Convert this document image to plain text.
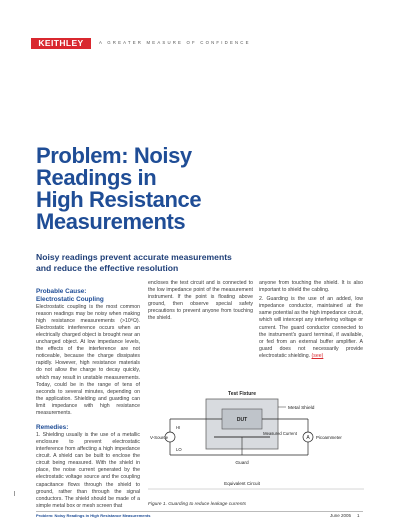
KEITHLEY	A GREATER MEASURE OF CONFIDENCE
Problem: Noisy
Readings in
High Resistance
Measurements
Noisy readings prevent accurate measurements
and reduce the effective resolution
Probable Cause:
Electrostatic Coupling

Electrostatic coupling is the most common reason readings may be noisy when making high resistance measurements (>10⁶Ω). Electrostatic interference occurs when an electrically charged object is brought near an uncharged object. At low impedance levels, the effects of the interference are not noticeable, because the charge dissipates rapidly. However, high resistance materials do not allow the charge to decay quickly, which may result in unstable measurements. Today, could be in the range of tens of seconds to several minutes, depending on the application. Shielding and guarding can limit impedance with high resistance measurements.

Remedies:

1. Shielding usually is the use of a metallic enclosure to prevent electrostatic interference from affecting a high impedance circuit. A shield can be built to enclose the circuit being measured. With the shield in place, the noise current generated by the electrostatic voltage source and the coupling capacitance flows through the shield to ground, rather than through the signal conductors. The shield should be made of a simple metal box or mesh screen that

encloses the test circuit and is connected to the low impedance point of the measurement instrument. If the point is floating above ground, then observe special safety precautions to prevent anyone from touching the shield.

anyone from touching the shield. It is also important to shield the cabling.

2. Guarding is the use of an added, low impedance conductor, maintained at the same potential as the high impedance circuit, which will intercept any interfering voltage or current. The guard conductor connected to the instrument's guard terminal, if available, or fed from an external buffer amplifier. A guard does not necessarily provide electrostatic shielding. (see)

Test Fixture
Metal Shield
DUT
V-Source
HI
LO
Guard
Measured Current
A Picoammeter
Equivalent Circuit
Figure 1. Guarding to reduce leakage currents
Problem: Noisy Readings in High Resistance Measurements	June 2005 1
